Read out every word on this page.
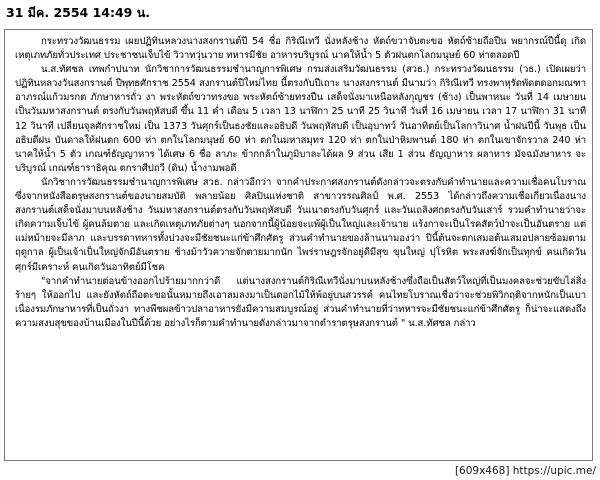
31 มีค. 2554 14:49 น.

กระทรวงวัฒนธรรม เผยปฏิทินหลวงนางสงกรานต์ปี 54 ชื่อ กิริณีเทวี นั่งหลังช้าง หัตถ์ขวาจับตะขอ หัตถ์ซ้ายถือปืน พยากรณ์ปีนี้ดุ เกิดเหตุเภทภัยทั่วประเทศ ประชาชนเจ็บไข้ วิวาทวุ่นวาย ทหารมีชัย อาหารบริบูรณ์ นาคให้น้ำ 5 ตัวฝนตกโลกมนุษย์ 60 ห่าตลอดปี

น.ส.ทัศชล เทพกำปนาท นักวิชาการวัฒนธรรมชำนาญการพิเศษ กรมส่งเสริมวัฒนธรรม (สวธ.) กระทรวงวัฒนธรรม (วธ.) เปิดเผยว่า ปฏิทินหลวงวันสงกรานต์ ปีพุทธศักราช 2554 สงกรานต์ปีใหม่ไทย นี้ตรงกับปีเถาะ นางสงกรานต์ มีนามว่า กิริณีเทวี ทรงพาหุรัดพัดตดอกมณฑา อาภรณ์แก้วมรกต ภักษาหารถั่ว งา พระหัตถ์ขวาทรงขอ พระหัตถ์ซ้ายทรงปืน เสด็จนั่งมาเหนือหลังกุญชร (ช้าง) เป็นพาหนะ วันที่ 14 เมษายน เป็นวันมหาสงกรานต์ ตรงกับวันพฤหัสบดี ขึ้น 11 ค่ำ เดือน 5 เวลา 13 นาฬิกา 25 นาที 25 วินาที วันที่ 16 เมษายน เวลา 17 นาฬิกา 31 นาที 12 วินาที เปลี่ยนจุลศักราชใหม่ เป็น 1373 วันศุกร์เป็นธงชัยและอธิบดี วันพฤหัสบดี เป็นอุบาทว์ วันอาทิตย์เป็นโลกาวินาศ น้ำฝนปีนี้ วันพุธ เป็นอธิบดีฝน บันดาลให้ฝนตก 600 ห่า ตกในโลกมนุษย์ 60 ห่า ตกในมหาสมุทร 120 ห่า ตกในป่าหิมพานต์ 180 ห่า ตกในเขาจักรวาล 240 ห่า นาคให้น้ำ 5 ตัว เกณฑ์ธัญญาหาร ได้เศษ 6 ชื่อ ลาภะ ข้ากกล้าในภูมิบาละได้ผล 9 ส่วน เสีย 1 ส่วน ธัญญาหาร ผลาหาร มัจฉมังษาหาร จะบริบูรณ์ เกณฑ์ธาราธิคุณ ตกราศีปถวี (ดิน) น้ำงามพอดี

นักวิชาการวัฒนธรรมชำนาญการพิเศษ สวธ. กล่าวอีกว่า จากคำประกาศสงกรานต์ดังกล่าวจะตรงกับคำทำนายและความเชื่อคนโบราณซึ่งจากหนังสือตรุษสงกรานต์ของนายสมบัติ พลายน้อย ศิลปินแห่งชาติ สาขาวรรณศิลป์ พ.ศ. 2553 ได้กล่าวถึงความเชื่อเกี่ยวเนื่องนางสงกรานต์เสด็จนั่งมาบนหลังช้าง วันมหาสงกรานต์ตรงกับวันพฤหัสบดี วันเนาตรงกับวันศุกร์ และวันเถลิงศกตรงกับวันเสาร์ รวมคำทำนายว่าจะเกิดความเจ็บไข้ ผู้คนล้มตาย และเกิดเหตุเภทภัยต่างๆ นอกจากนี้ผู้น้อยจะแพ้ผู้เป็นใหญ่และเจ้านาย แร้งกาจะเป็นโรคสัตว์ป่าจะเป็นอันตราย แต่แม่หม้ายจะมีลาภ และบรรดาทหารทั้งปวงจะมีชัยชนะแก่ข้าศึกศัตรู ส่วนคำทำนายของล้านนามองว่า ปีนี้ต้นจะตกเสมอต้นเสมอปลายซ้อมตามฤดูกาล ผู้เป็นเจ้าเป็นใหญ่จักมีอันตราย ช้างม้าวัวควายจักตายมากนัก ไพร่ราษฎรจักอยู่ดีมีสุข ขุนใหญ่ ปุโรหิต พระสงฆ์จักเป็นทุกข์ คนเกิดวันศุกร์มีเคราะห์ คนเกิดวันอาทิตย์มีโชค

"จากคำทำนายต่อนข้างออกไปร้ายมากกว่าดี แต่นางสงกรานต์กิริณีเทวีนั่งมาบนหลังช้างซึ่งถือเป็นสัตว์ใหญ่ที่เป็นมงคลจะช่วยขับไล่สิ่งร้ายๆ ให้ออกไป และยังหัตถ์ถือตะขอนั้นหมายถึงเอาลมลงมาเป็นดอกไม้ให้พ้อยู่บนสวรรค์ คนไทยโบราณเชื่อว่าจะช่วยพิวิกฤติจากหนักเป็นเบา เนื่องรมภักษาหารที่เป็นถั่วงา ทางพืชผลข้าวปลาอาหารยังมีความสมบูรณ์อยู่ ส่วนคำทำนายที่ว่าทหารจะมีชัยชนะแก่ข้าศึกศัตรู ก็น่าจะแสดงถึงความสงบสุขของบ้านเมืองในปีนี้ด้วย อย่างไรก็ตามคำทำนายดังกล่าวมาจากตำราตรุษสงกรานต์ " น.ส.ทัศชล กล่าว

[609x468] https://upic.me/
